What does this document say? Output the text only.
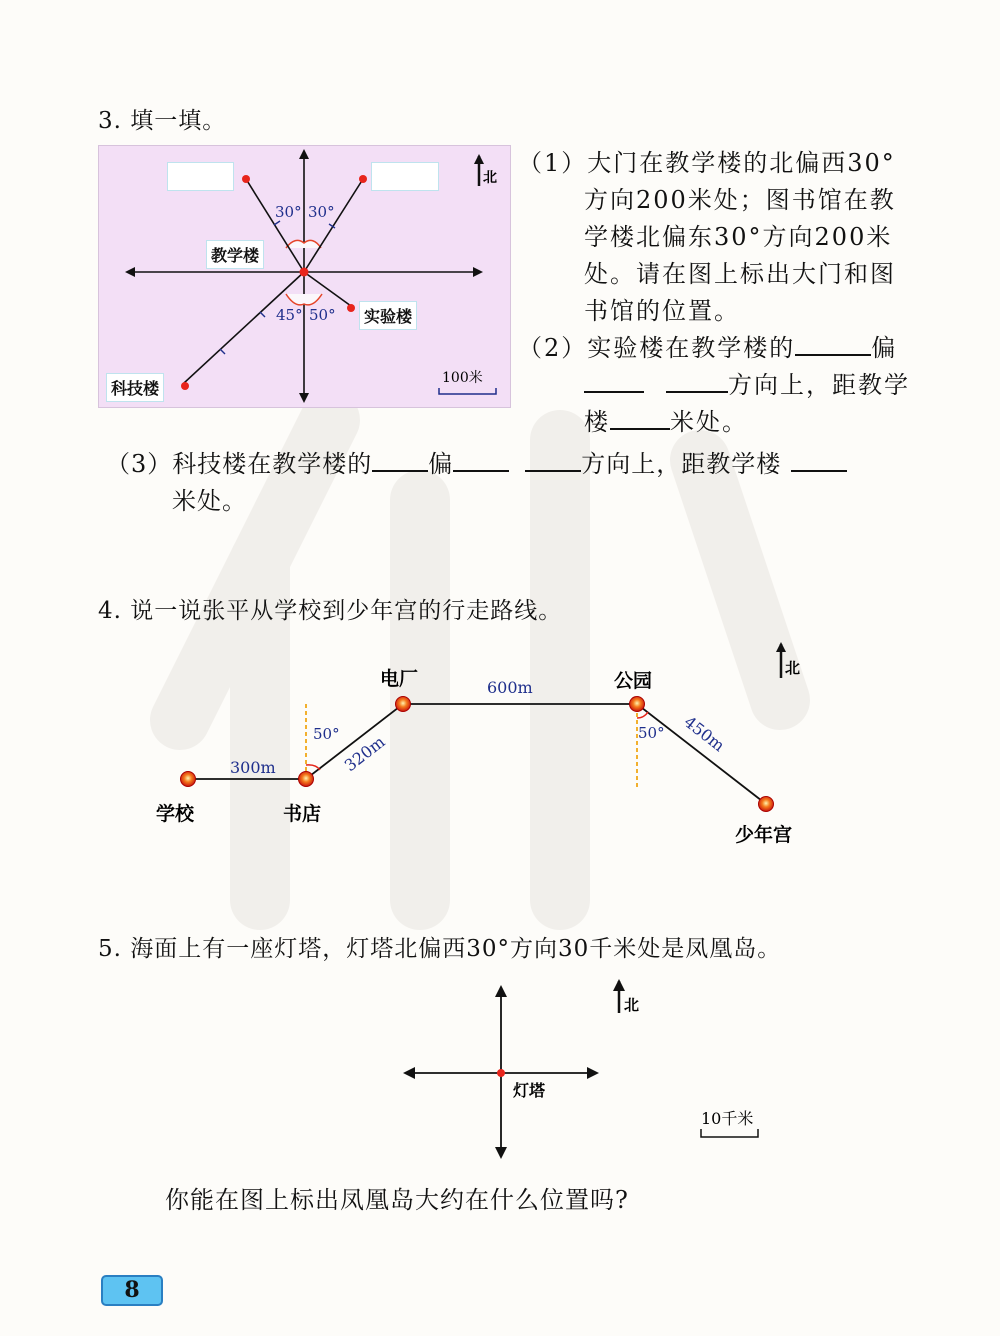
3. 填一填。
30° 30°
45° 50°
北
100米
教学楼
实验楼
科技楼
（1）大门在教学楼的北偏西30°
方向200米处；图书馆在教
学楼北偏东30°方向200米
处。请在图上标出大门和图
书馆的位置。
（2）实验楼在教学楼的	偏
方向上，距教学
楼	米处。
（3）科技楼在教学楼的 偏	方向上，距教学楼
米处。
4. 说一说张平从学校到少年宫的行走路线。
300m	320m
600m
450m
50°	50°
学校	书店
电厂	公园
少年宫
北
5. 海面上有一座灯塔，灯塔北偏西30°方向30千米处是凤凰岛。
灯塔
北
10千米
你能在图上标出凤凰岛大约在什么位置吗?
8
